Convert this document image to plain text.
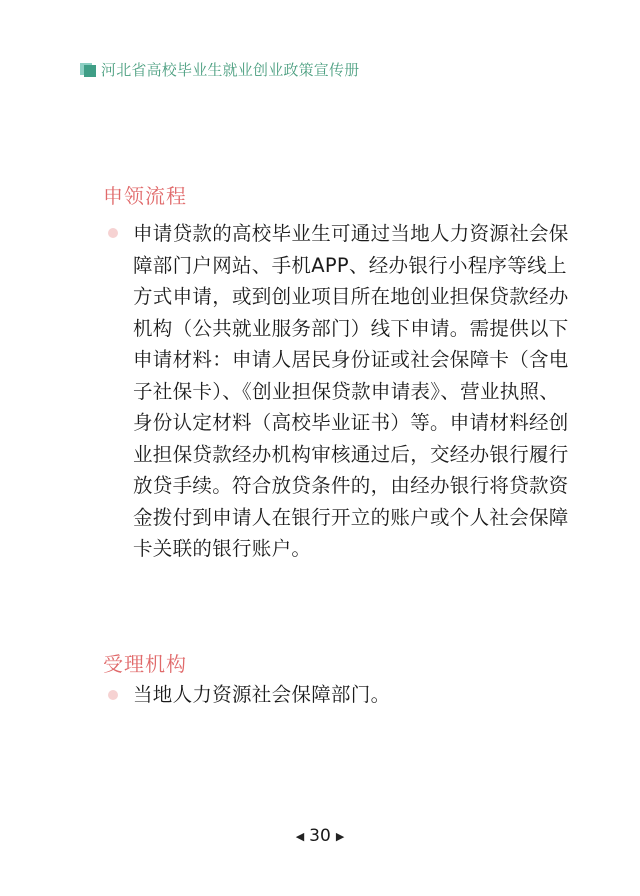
河北省高校毕业生就业创业政策宣传册
申领流程
申请贷款的高校毕业生可通过当地人力资源社会保障部门户网站、手机APP、经办银行小程序等线上方式申请，或到创业项目所在地创业担保贷款经办机构（公共就业服务部门）线下申请。需提供以下申请材料：申请人居民身份证或社会保障卡（含电子社保卡）、《创业担保贷款申请表》、营业执照、身份认定材料（高校毕业证书）等。申请材料经创业担保贷款经办机构审核通过后，交经办银行履行放贷手续。符合放贷条件的，由经办银行将贷款资金拨付到申请人在银行开立的账户或个人社会保障卡关联的银行账户。
受理机构
当地人力资源社会保障部门。
◀ 30 ▶
